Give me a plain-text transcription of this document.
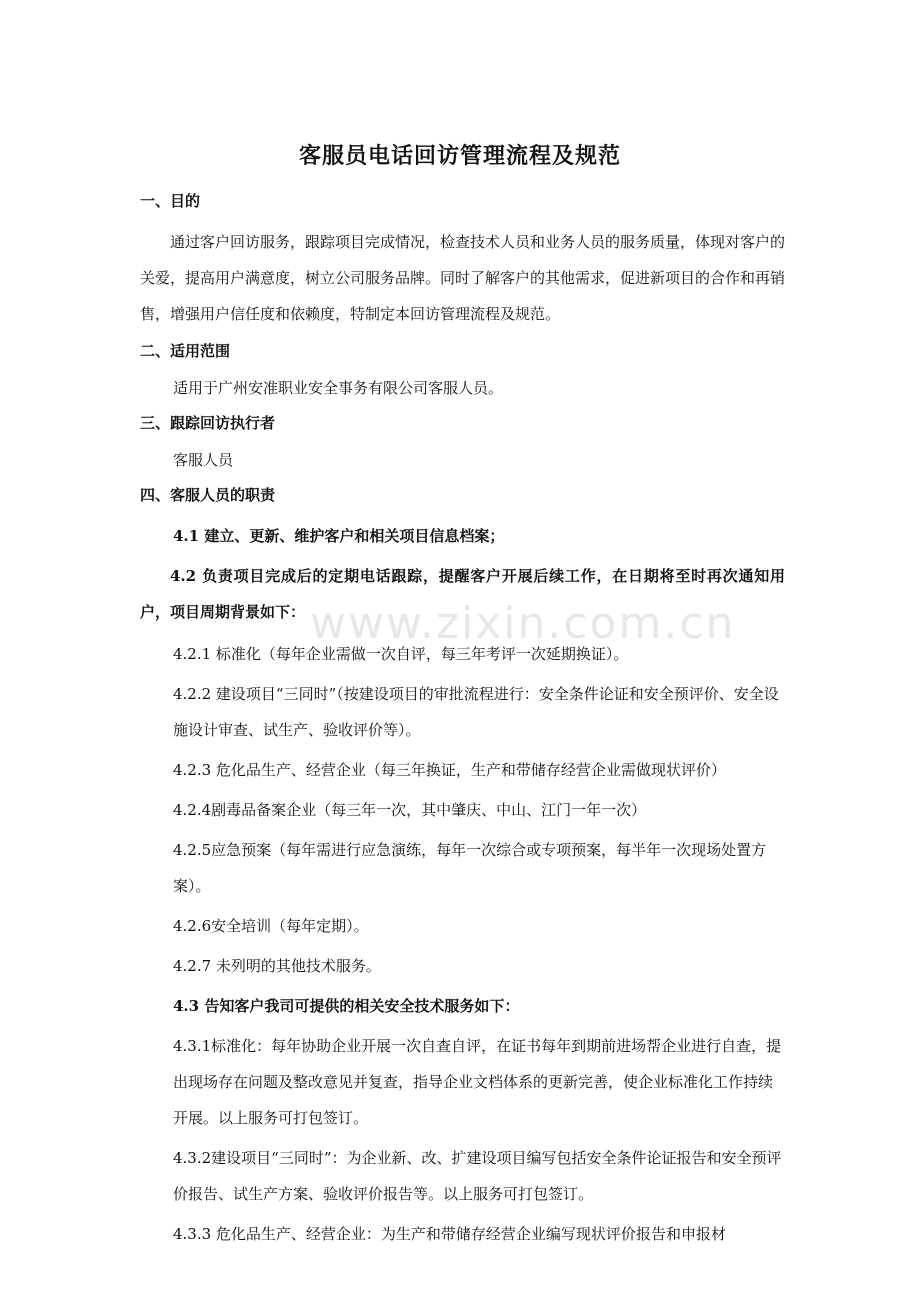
www.zixin.com.cn
客服员电话回访管理流程及规范
一、目的
通过客户回访服务，跟踪项目完成情况，检查技术人员和业务人员的服务质量，体现对客户的关爱，提高用户满意度，树立公司服务品牌。同时了解客户的其他需求，促进新项目的合作和再销售，增强用户信任度和依赖度，特制定本回访管理流程及规范。
二、适用范围
适用于广州安准职业安全事务有限公司客服人员。
三、跟踪回访执行者
客服人员
四、客服人员的职责
4.1 建立、更新、维护客户和相关项目信息档案；
4.2 负责项目完成后的定期电话跟踪，提醒客户开展后续工作，在日期将至时再次通知用户，项目周期背景如下：
4.2.1 标准化（每年企业需做一次自评，每三年考评一次延期换证）。
4.2.2 建设项目“三同时”（按建设项目的审批流程进行：安全条件论证和安全预评价、安全设施设计审查、试生产、验收评价等）。
4.2.3 危化品生产、经营企业（每三年换证，生产和带储存经营企业需做现状评价）
4.2.4剧毒品备案企业（每三年一次，其中肇庆、中山、江门一年一次）
4.2.5应急预案（每年需进行应急演练，每年一次综合或专项预案，每半年一次现场处置方案）。
4.2.6安全培训（每年定期）。
4.2.7 未列明的其他技术服务。
4.3 告知客户我司可提供的相关安全技术服务如下：
4.3.1标准化：每年协助企业开展一次自查自评，在证书每年到期前进场帮企业进行自查，提出现场存在问题及整改意见并复查，指导企业文档体系的更新完善，使企业标准化工作持续开展。以上服务可打包签订。
4.3.2建设项目“三同时”：为企业新、改、扩建设项目编写包括安全条件论证报告和安全预评价报告、试生产方案、验收评价报告等。以上服务可打包签订。
4.3.3 危化品生产、经营企业：为生产和带储存经营企业编写现状评价报告和申报材
